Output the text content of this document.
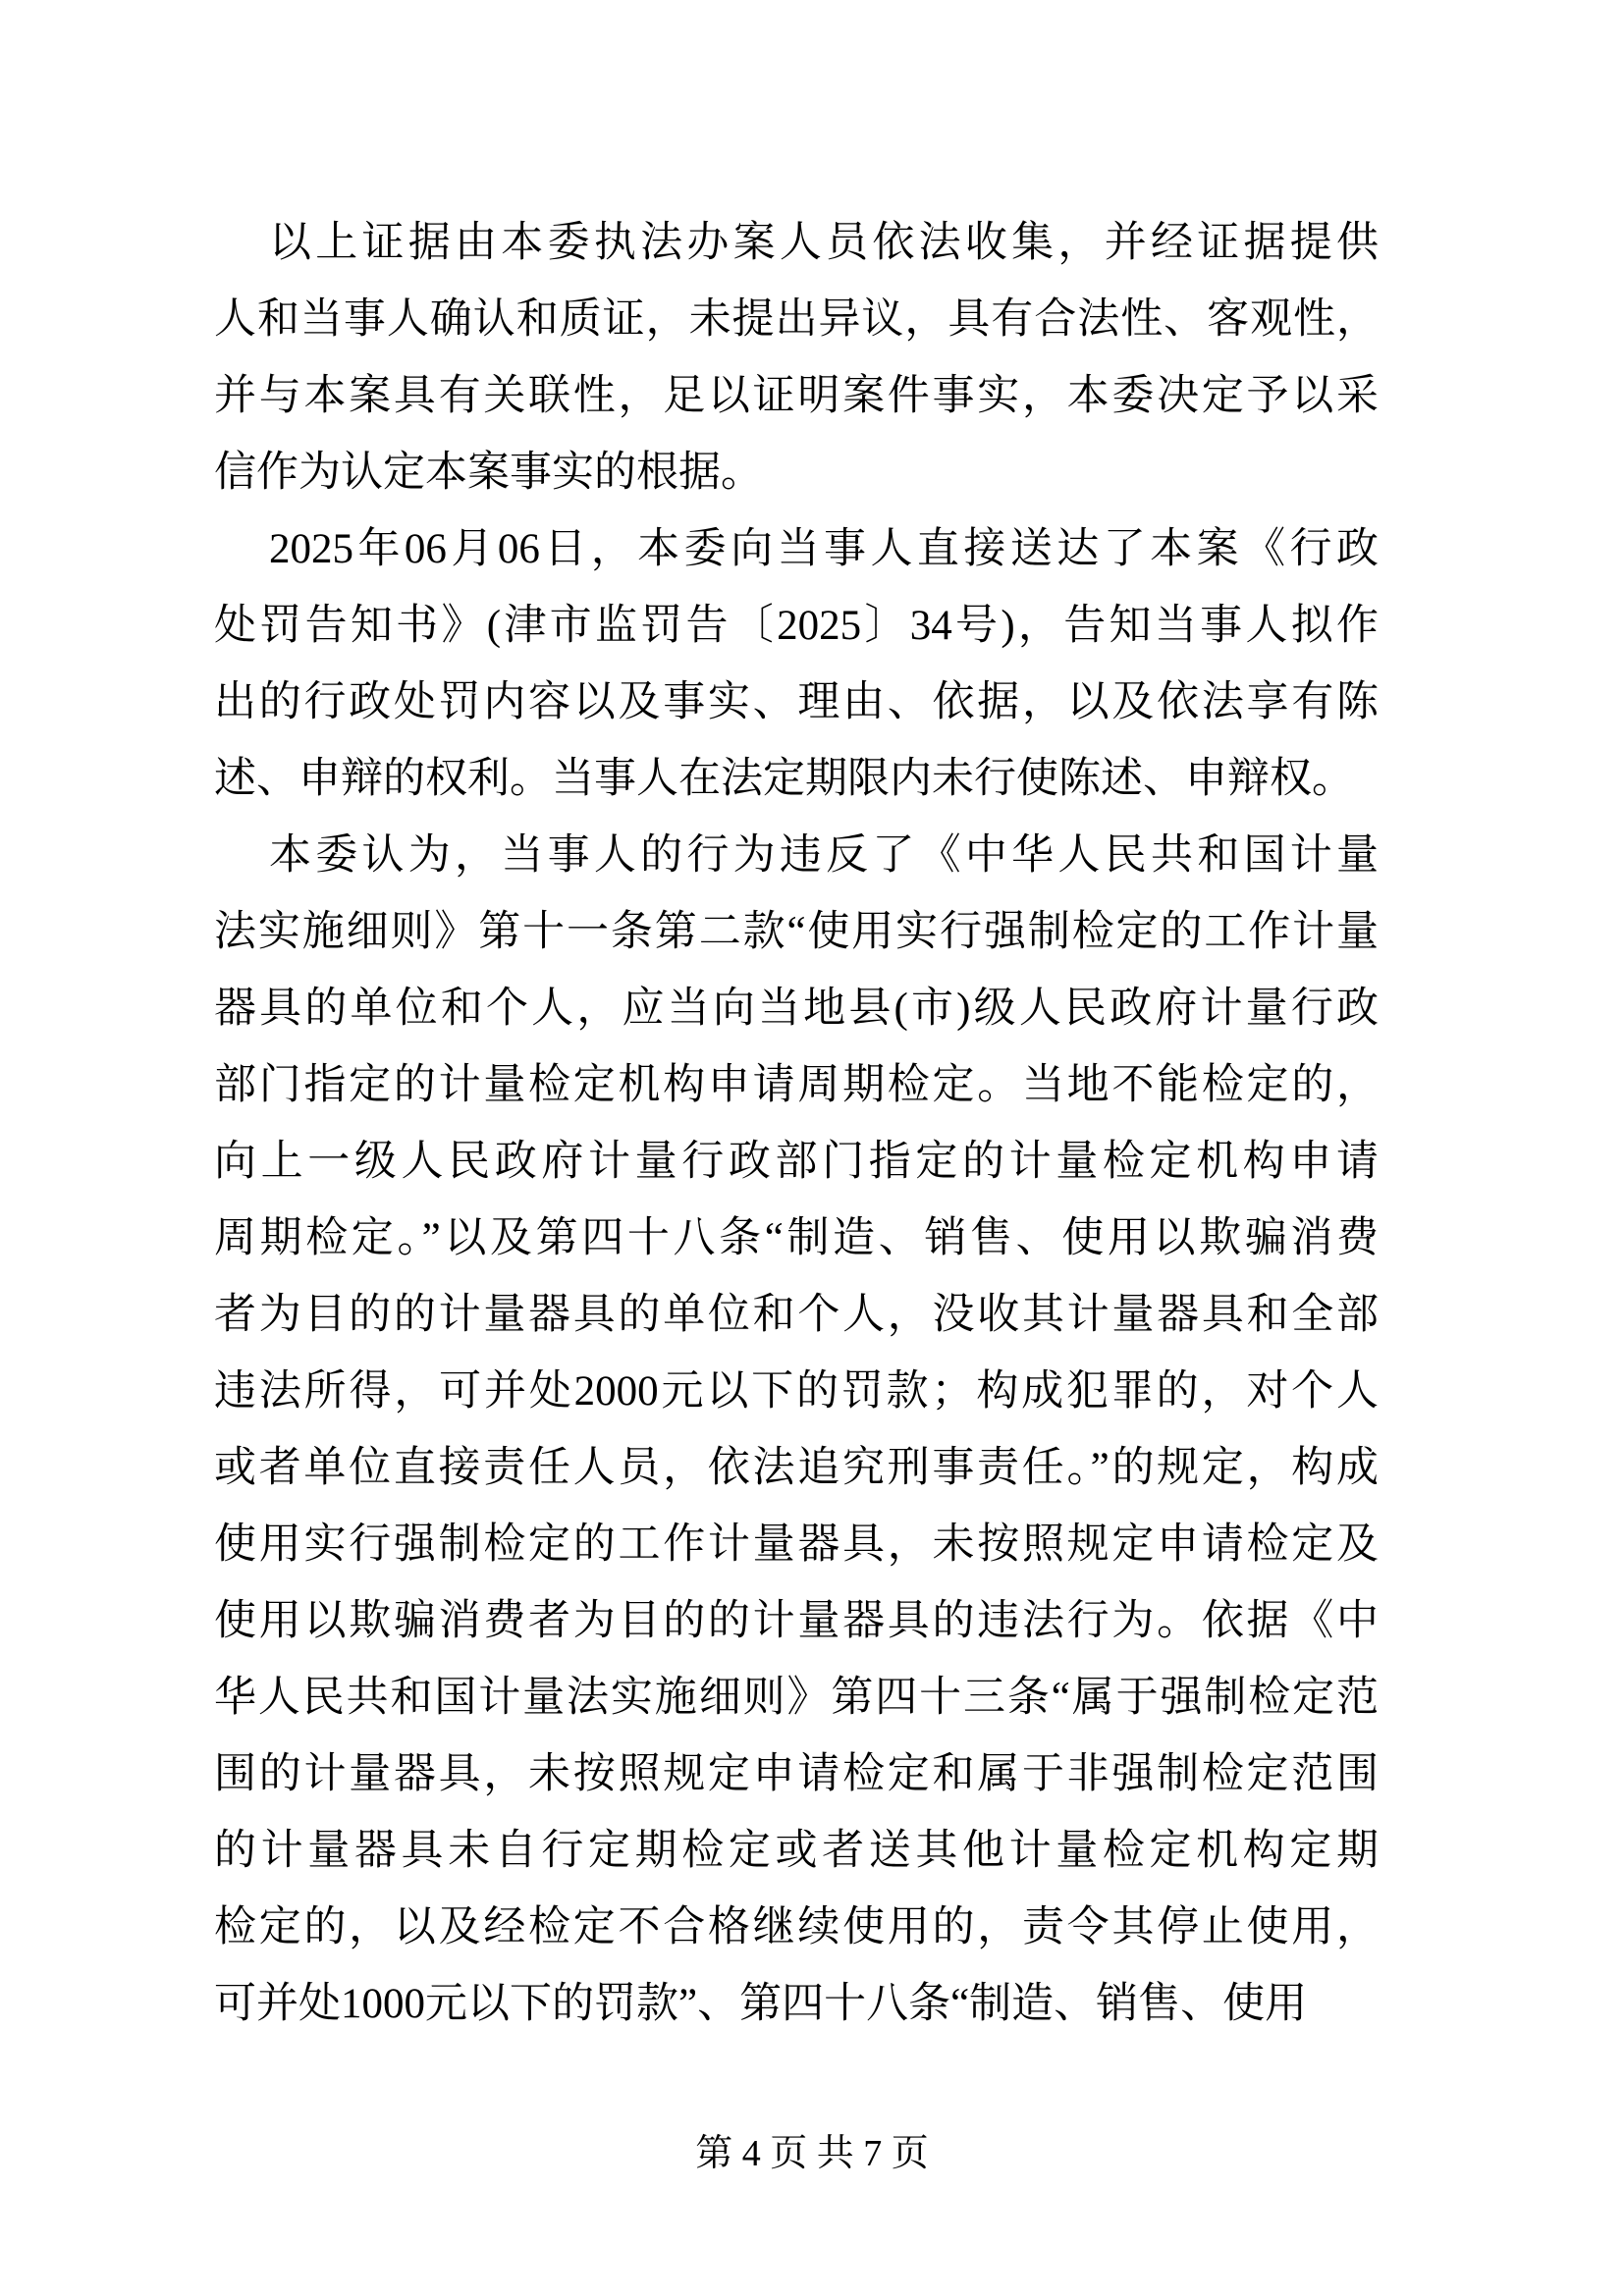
以上证据由本委执法办案人员依法收集，并经证据提供
人和当事人确认和质证，未提出异议，具有合法性、客观性，
并与本案具有关联性，足以证明案件事实，本委决定予以采
信作为认定本案事实的根据。
2025年06月06日，本委向当事人直接送达了本案《行政
处罚告知书》(津市监罚告〔2025〕34号)，告知当事人拟作
出的行政处罚内容以及事实、理由、依据，以及依法享有陈
述、申辩的权利。当事人在法定期限内未行使陈述、申辩权。
本委认为，当事人的行为违反了《中华人民共和国计量
法实施细则》第十一条第二款“使用实行强制检定的工作计量
器具的单位和个人，应当向当地县(市)级人民政府计量行政
部门指定的计量检定机构申请周期检定。当地不能检定的，
向上一级人民政府计量行政部门指定的计量检定机构申请
周期检定。”以及第四十八条“制造、销售、使用以欺骗消费
者为目的的计量器具的单位和个人，没收其计量器具和全部
违法所得，可并处2000元以下的罚款；构成犯罪的，对个人
或者单位直接责任人员，依法追究刑事责任。”的规定，构成
使用实行强制检定的工作计量器具，未按照规定申请检定及
使用以欺骗消费者为目的的计量器具的违法行为。依据《中
华人民共和国计量法实施细则》第四十三条“属于强制检定范
围的计量器具，未按照规定申请检定和属于非强制检定范围
的计量器具未自行定期检定或者送其他计量检定机构定期
检定的，以及经检定不合格继续使用的，责令其停止使用，
可并处1000元以下的罚款”、第四十八条“制造、销售、使用
第 4 页 共 7 页
